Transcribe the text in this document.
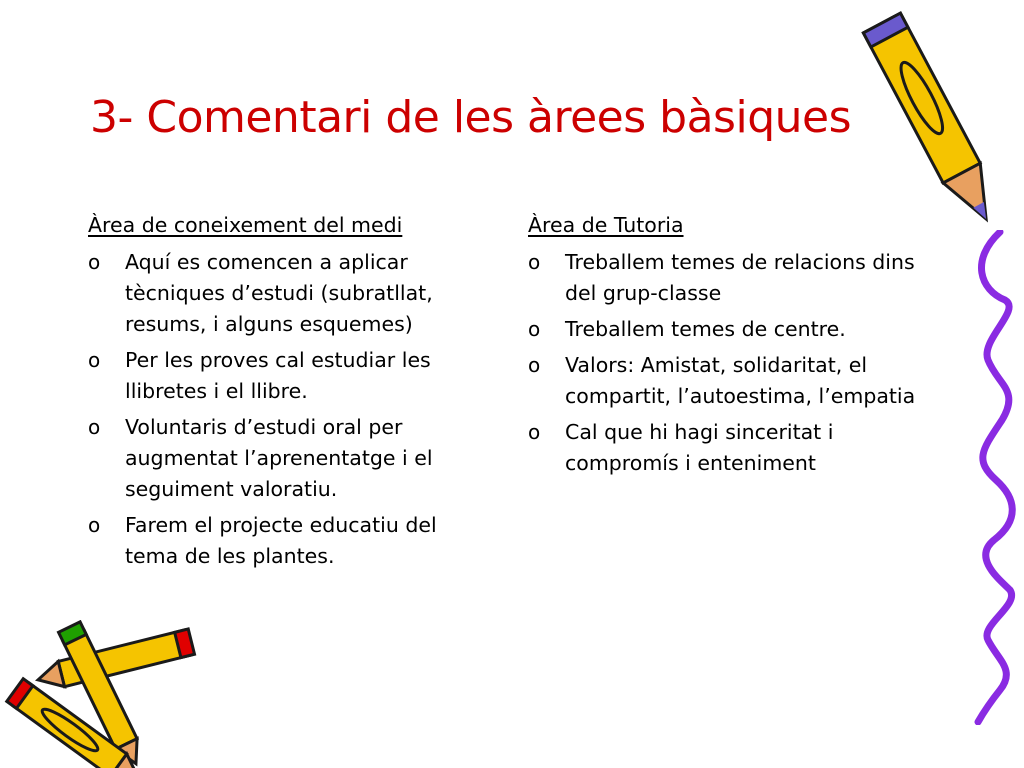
3- Comentari de les àrees bàsiques
Àrea de coneixement del medi
o Aquí es comencen a aplicar tècniques d’estudi (subratllat, resums, i alguns esquemes)
o Per les proves cal estudiar les llibretes i el llibre.
o Voluntaris d’estudi oral per augmentat l’aprenentatge i el seguiment valoratiu.
o Farem el projecte educatiu del tema de les plantes.
Àrea de Tutoria
o Treballem temes de relacions dins del grup-classe
o Treballem temes de centre.
o Valors: Amistat, solidaritat, el compartit, l’autoestima, l’empatia
o Cal que hi hagi sinceritat i compromís i enteniment
